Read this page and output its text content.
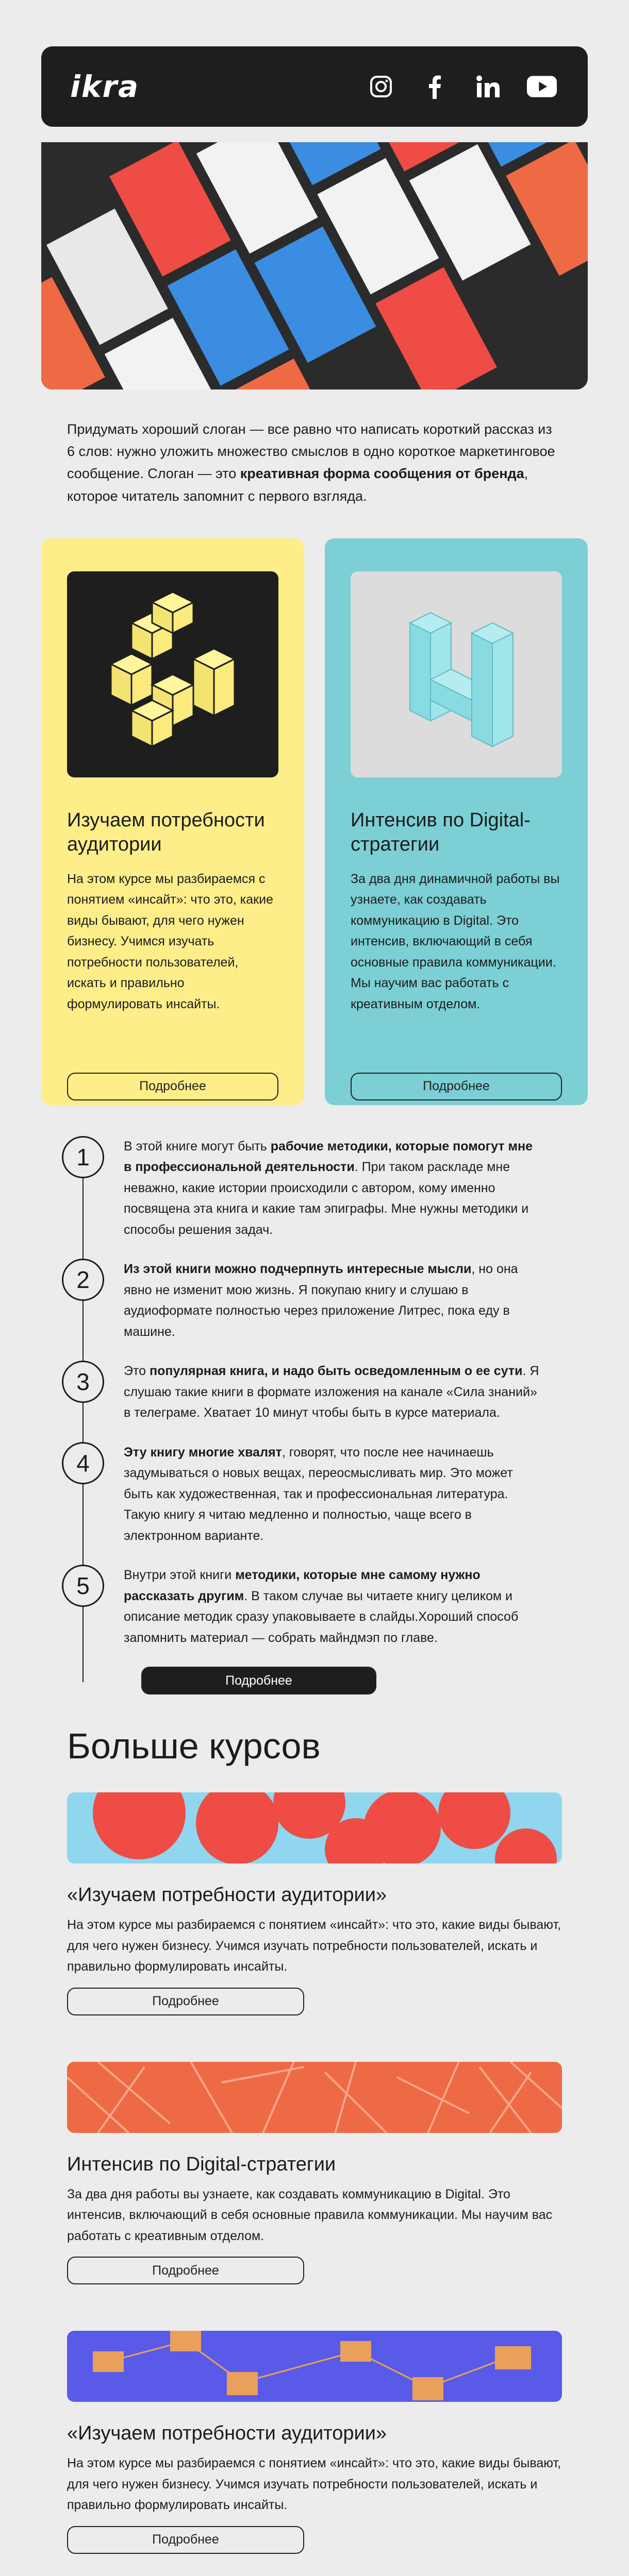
ikra
Придумать хороший слоган — все равно что написать короткий рассказ из 6 слов: нужно уложить множество смыслов в одно короткое маркетинговое сообщение. Слоган — это креативная форма сообщения от бренда, которое читатель запомнит с первого взгляда.
Изучаем потребности аудитории
На этом курсе мы разбираемся с понятием «инсайт»: что это, какие виды бывают, для чего нужен бизнесу. Учимся изучать потребности пользователей, искать и правильно формулировать инсайты.
Подробнее
Интенсив по Digital-стратегии
За два дня динамичной работы вы узнаете, как создавать коммуникацию в Digital. Это интенсив, включающий в себя основные правила коммуникации. Мы научим вас работать с креативным отделом.
Подробнее
1	В этой книге могут быть рабочие методики, которые помогут мне в профессиональной деятельности. При таком раскладе мне неважно, какие истории происходили с автором, кому именно посвящена эта книга и какие там эпиграфы. Мне нужны методики и способы решения задач.
2	Из этой книги можно подчерпнуть интересные мысли, но она явно не изменит мою жизнь. Я покупаю книгу и слушаю в аудиоформате полностью через приложение Литрес, пока еду в машине.
3	Это популярная книга, и надо быть осведомленным о ее сути. Я слушаю такие книги в формате изложения на канале «Сила знаний» в телеграме. Хватает 10 минут чтобы быть в курсе материала.
4	Эту книгу многие хвалят, говорят, что после нее начинаешь задумываться о новых вещах, переосмысливать мир. Это может быть как художественная, так и профессиональная литература. Такую книгу я читаю медленно и полностью, чаще всего в электронном варианте.
5	Внутри этой книги методики, которые мне самому нужно рассказать другим. В таком случае вы читаете книгу целиком и описание методик сразу упаковываете в слайды.Хороший способ запомнить материал — собрать майндмэп по главе.
Подробнее
Больше курсов
«Изучаем потребности аудитории»
На этом курсе мы разбираемся с понятием «инсайт»: что это, какие виды бывают, для чего нужен бизнесу. Учимся изучать потребности пользователей, искать и правильно формулировать инсайты.
Подробнее
Интенсив по Digital-стратегии
За два дня работы вы узнаете, как создавать коммуникацию в Digital. Это интенсив, включающий в себя основные правила коммуникации. Мы научим вас работать с креативным отделом.
Подробнее
«Изучаем потребности аудитории»
На этом курсе мы разбираемся с понятием «инсайт»: что это, какие виды бывают, для чего нужен бизнесу. Учимся изучать потребности пользователей, искать и правильно формулировать инсайты.
Подробнее
